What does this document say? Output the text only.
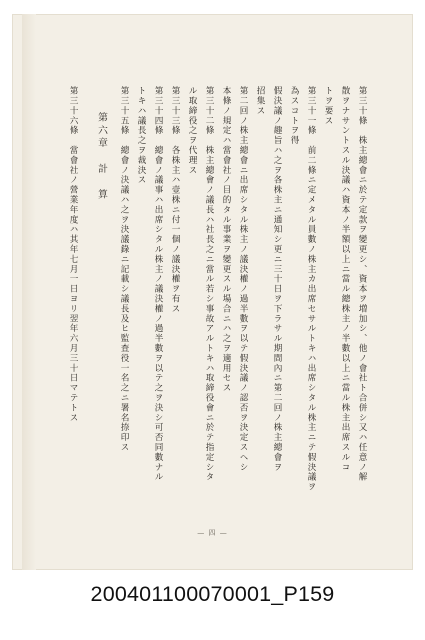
第三十條　株主總會ニ於テ定款ヲ變更シ、資本ヲ増加シ、他ノ會社ト合併シ又ハ任意ノ解
散ヲナサントスル決議ハ資本ノ半額以上ニ當ル總株主ノ半數以上ニ當ル株主出席スルコ
トヲ要ス
第三十一條　前二條ニ定メタル員數ノ株主カ出席セサルトキハ出席シタル株主ニテ假決議ヲ
為スコトヲ得
假決議ノ趣旨ハ之ヲ各株主ニ通知シ更ニ三十日ヲ下ラサル期間內ニ第二回ノ株主總會ヲ
招集ス
第二回ノ株主總會ニ出席シタル株主ノ議決權ノ過半數ヲ以テ假決議ノ認否ヲ決定スヘシ
本條ノ規定ハ當會社ノ目的タル事業ヲ變更スル場合ニハ之ヲ適用セス
第三十二條　株主總會ノ議長ハ社長之ニ當ル若シ事故アルトキハ取締役會ニ於テ指定シタ
ル取締役之ヲ代理ス
第三十三條　各株主ハ壹株ニ付一個ノ議決權ヲ有ス
第三十四條　總會ノ議事ハ出席シタル株主ノ議決權ノ過半數ヲ以テ之ヲ決シ可否同數ナル
トキハ議長之ヲ裁決ス
第三十五條　總會ノ決議ハ之ヲ決議錄ニ記載シ議長及ヒ監査役一名之ニ署名捺印ス
第六章　計　算
第三十六條　當會社ノ營業年度ハ其年七月一日ヨリ翌年六月三十日マテトス
— 四 —
200401100070001_P159
